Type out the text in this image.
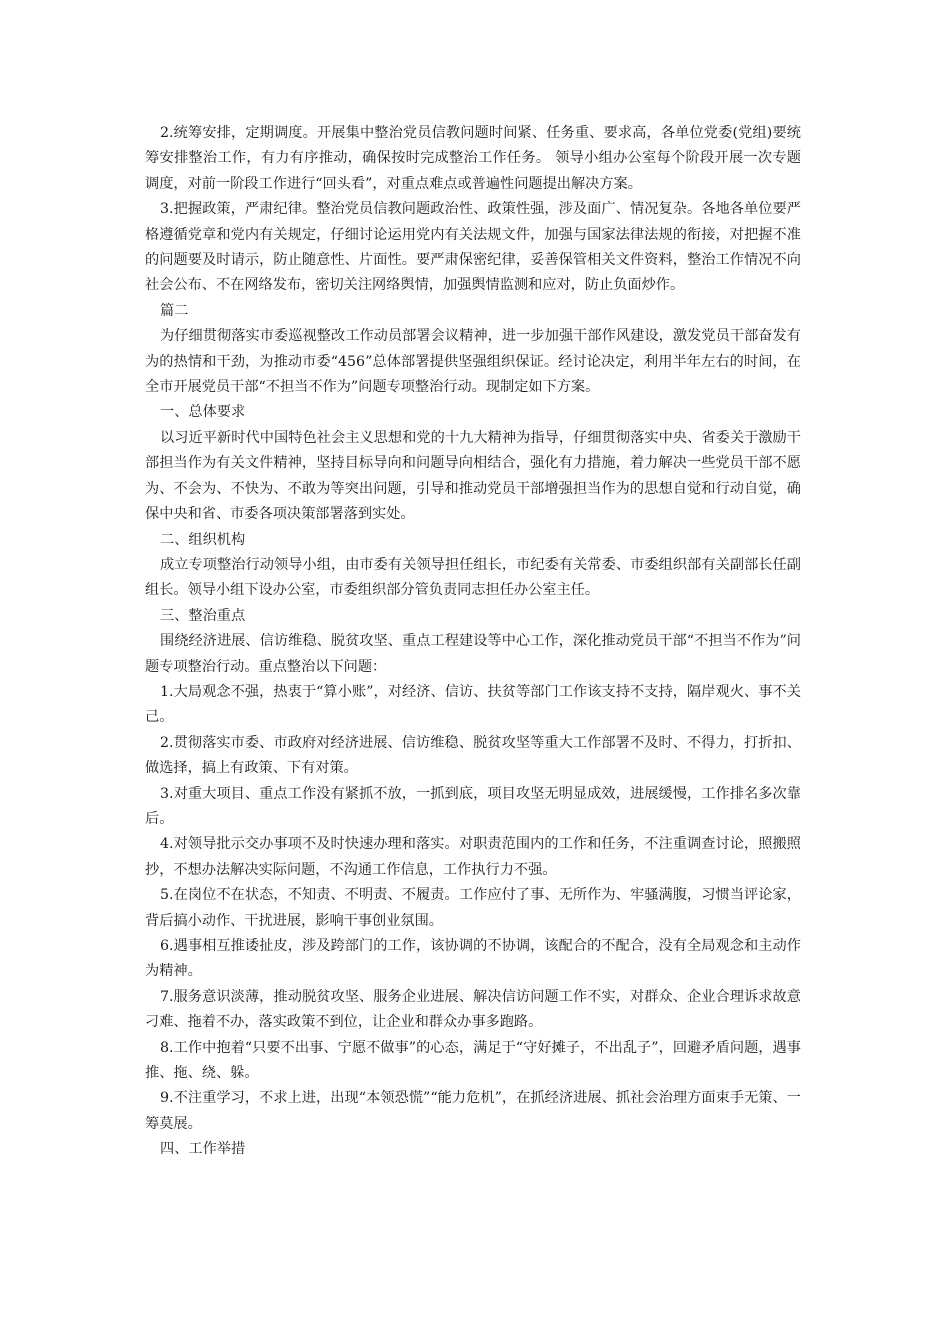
2.统筹安排，定期调度。开展集中整治党员信教问题时间紧、任务重、要求高，各单位党委(党组)要统筹安排整治工作，有力有序推动，确保按时完成整治工作任务。 领导小组办公室每个阶段开展一次专题调度，对前一阶段工作进行“回头看”，对重点难点或普遍性问题提出解决方案。

3.把握政策，严肃纪律。整治党员信教问题政治性、政策性强，涉及面广、情况复杂。各地各单位要严格遵循党章和党内有关规定，仔细讨论运用党内有关法规文件，加强与国家法律法规的衔接，对把握不准的问题要及时请示，防止随意性、片面性。要严肃保密纪律，妥善保管相关文件资料，整治工作情况不向社会公布、不在网络发布，密切关注网络舆情，加强舆情监测和应对，防止负面炒作。

篇二

为仔细贯彻落实市委巡视整改工作动员部署会议精神，进一步加强干部作风建设，激发党员干部奋发有为的热情和干劲，为推动市委“456”总体部署提供坚强组织保证。经讨论决定，利用半年左右的时间，在全市开展党员干部“不担当不作为”问题专项整治行动。现制定如下方案。

一、总体要求

以习近平新时代中国特色社会主义思想和党的十九大精神为指导，仔细贯彻落实中央、省委关于激励干部担当作为有关文件精神，坚持目标导向和问题导向相结合，强化有力措施，着力解决一些党员干部不愿为、不会为、不快为、不敢为等突出问题，引导和推动党员干部增强担当作为的思想自觉和行动自觉，确保中央和省、市委各项决策部署落到实处。

二、组织机构

成立专项整治行动领导小组，由市委有关领导担任组长，市纪委有关常委、市委组织部有关副部长任副组长。领导小组下设办公室，市委组织部分管负责同志担任办公室主任。

三、整治重点

围绕经济进展、信访维稳、脱贫攻坚、重点工程建设等中心工作，深化推动党员干部“不担当不作为”问题专项整治行动。重点整治以下问题：

1.大局观念不强，热衷于“算小账”，对经济、信访、扶贫等部门工作该支持不支持，隔岸观火、事不关己。

2.贯彻落实市委、市政府对经济进展、信访维稳、脱贫攻坚等重大工作部署不及时、不得力，打折扣、做选择，搞上有政策、下有对策。

3.对重大项目、重点工作没有紧抓不放，一抓到底，项目攻坚无明显成效，进展缓慢，工作排名多次靠后。

4.对领导批示交办事项不及时快速办理和落实。对职责范围内的工作和任务，不注重调查讨论，照搬照抄，不想办法解决实际问题，不沟通工作信息，工作执行力不强。

5.在岗位不在状态，不知责、不明责、不履责。工作应付了事、无所作为、牢骚满腹，习惯当评论家，背后搞小动作、干扰进展，影响干事创业氛围。

6.遇事相互推诿扯皮，涉及跨部门的工作，该协调的不协调，该配合的不配合，没有全局观念和主动作为精神。

7.服务意识淡薄，推动脱贫攻坚、服务企业进展、解决信访问题工作不实，对群众、企业合理诉求故意刁难、拖着不办，落实政策不到位，让企业和群众办事多跑路。

8.工作中抱着“只要不出事、宁愿不做事”的心态，满足于“守好摊子，不出乱子”，回避矛盾问题，遇事推、拖、绕、躲。

9.不注重学习，不求上进，出现“本领恐慌”“能力危机”，在抓经济进展、抓社会治理方面束手无策、一筹莫展。

四、工作举措
